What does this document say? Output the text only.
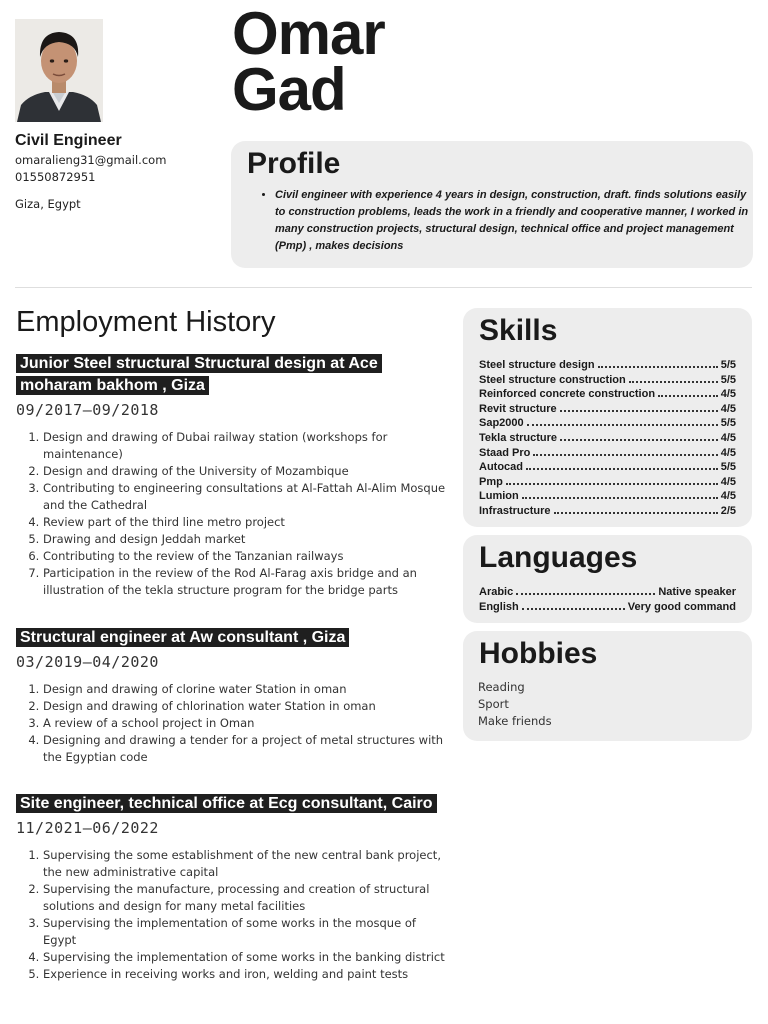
Omar
Gad
Civil Engineer
omaralieng31@gmail.com
01550872951
Giza, Egypt
Profile
• Civil engineer with experience 4 years in design, construction, draft. finds solutions easily to construction problems, leads the work in a friendly and cooperative manner, I worked in many construction projects, structural design, technical office and project management (Pmp) , makes decisions
Employment History
Junior Steel structural Structural design at Ace moharam bakhom , Giza
09/2017—09/2018
1. Design and drawing of Dubai railway station (workshops for maintenance)
2. Design and drawing of the University of Mozambique
3. Contributing to engineering consultations at Al-Fattah Al-Alim Mosque and the Cathedral
4. Review part of the third line metro project
5. Drawing and design Jeddah market
6. Contributing to the review of the Tanzanian railways
7. Participation in the review of the Rod Al-Farag axis bridge and an illustration of the tekla structure program for the bridge parts
Structural engineer at Aw consultant , Giza
03/2019—04/2020
1. Design and drawing of clorine water Station in oman
2. Design and drawing of chlorination water Station in oman
3. A review of a school project in Oman
4. Designing and drawing a tender for a project of metal structures with the Egyptian code
Site engineer, technical office at Ecg consultant, Cairo
11/2021—06/2022
1. Supervising the some establishment of the new central bank project, the new administrative capital
2. Supervising the manufacture, processing and creation of structural solutions and design for many metal facilities
3. Supervising the implementation of some works in the mosque of Egypt
4. Supervising the implementation of some works in the banking district
5. Experience in receiving works and iron, welding and paint tests
Skills
Steel structure design	5/5
Steel structure construction	5/5
Reinforced concrete construction	4/5
Revit structure	4/5
Sap2000	5/5
Tekla structure	4/5
Staad Pro	4/5
Autocad	5/5
Pmp	4/5
Lumion	4/5
Infrastructure	2/5
Languages
Arabic	Native speaker
English	Very good command
Hobbies
Reading
Sport
Make friends
